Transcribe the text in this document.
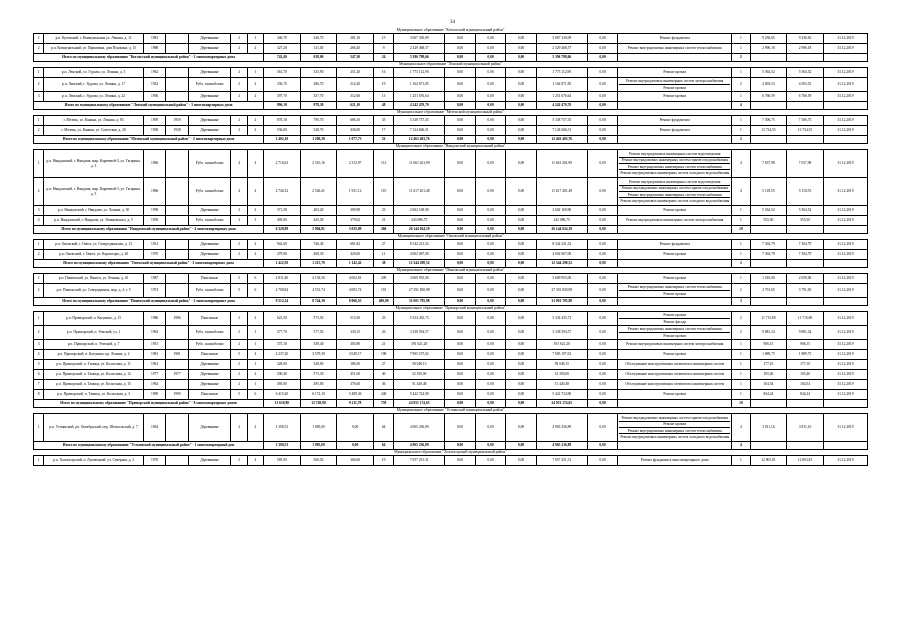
34
Муниципальное образование "Котласский муниципальный район"																					
1	р.п. Кузенский, г. Коммунальная ул. Ленина, д. 11	1981		Деревянные	2	1	346,70	326,70	281,10	15	3 067 330,09	0,00	0,00	0,00	3 067 330,09	0,00	Ремонт фундамента	1	9 236,65	9 236,65	31.12.2019
2	р.п. Коммунальный, ул. Пришвина, дом Пушкина, д. 15	1988		Деревянные	2	2	327,20	311,30	266,20	9	2 329 468,57	0,00	0,00	0,00	2 329 468,57	0,00	Ремонт внутридомовых инженерных систем теплоснабжения	1	2 996,18	2 996,18	31.12.2019
Итого по муниципальному образованию "Котласский муниципальный район" - 2 многоквартирных дома							743,40	638,00	547,30	24	5 396 798,66	0,00	0,00	0,00	5 396 798,66	0,00		2			
Муниципальное образование "Ленский муниципальный район"																					
1	р.п. Ленский, ул. Гуралы, ул. Ленина, д. 5	1962		Деревянные	2	1	361,70	333,90	251,20	16	1 773 112,90	0,00	0,00	0,00	1 773 112,90	0,00	Ремонт кровли	1	5 564,52	5 564,52	31.12.2019
2	р.п. Ленский, г. Урдома, ул. Ленина, д. 17	1952		Рубл. шлакоблоки	2	2	336,70	286,70	214,20	19	1 164 871,85	0,00	0,00	0,00	1 164 871,85	0,00	Ремонт внутридомовых инженерных систем электроснабжения
Ремонт кровли	2	4 003,53	4 003,53	31.12.2019
3	р.п. Ленский, г. Урдома, ул. Ленина, д. 22	1956		Деревянные	2	2	397,70	357,70	312,60	13	1 251 676,64	0,00	0,00	0,00	1 251 676,64	0,00	Ремонт кровли	1	6 766,59	6 766,59	31.12.2019
Итого по муниципальному образованию "Ленский муниципальный район" - 3 многоквартирных дома							996,10	978,30	621,10	48	4 242 470,70	0,00	0,00	0,00	4 242 470,70	0,00		4			
Муниципальное образование "Мезенский муниципальный район"																					
1	г. Мезень, ул. Канина, ул. Ленина, д. 83	1959	1959	Деревянные	2	2	878,10	790,70	686,10	35	5 338 757,35	0,00	0,00	0,00	5 338 757,35	0,00	Ремонт фундамента	1	7 306,75	7 306,75	31.12.2019
2	г. Мезень, ул. Канина, ул. Советская, д. 20	1938	1938	Деревянные	2	2	536,00	528,70	436,00	17	7 124 606,51	0,00	0,00	0,00	7 124 606,51	0,00	Ремонт фундамента	1	13 734,55	13 734,55	31.12.2019
Итого по муниципальному образованию "Мезенский муниципальный район" - 2 многоквартирных дома							1 402,10	1 280,28	1 077,73	52	12 463 403,76	0,00	0,00	0,00	12 463 403,76	0,00		2			
Муниципальное образование "Няндомский муниципальный район"																					
1	р.п. Няндомский, г. Няндома, мкр. Карачевой-3, ул. Гагарина, д. 3	1966		Рубл. шлакоблоки	4	4	2 716,62	2 510,16	2 313,97	112	11 661 261,99	0,00	0,00	0,00	11 661 261,99	0,00	Ремонт внутридомовых инженерных систем водоотведения
Ремонт внутридомовых инженерных систем горячего водоснабжения
Ремонт внутридомовых инженерных систем теплоснабжения
Ремонт внутридомовых инженерных систем холодного водоснабжения	4	7 637,98	7 637,98	31.12.2019
2	р.п. Няндомский, г. Няндома, мкр. Карачевой-3, ул. Гагарина, д. 5	1966		Рубл. шлакоблоки	4	4	2 746,32	2 546,41	1 951,12	110	11 617 401,48	0,00	0,00	0,00	11 617 401,48	0,00	Ремонт внутридомовых инженерных систем водоотведения
Ремонт внутридомовых инженерных систем горячего водоснабжения
Ремонт внутридомовых инженерных систем теплоснабжения
Ремонт внутридомовых инженерных систем холодного водоснабжения	4	5 118,55	5 118,55	31.12.2019
3	р.п. Няндомский, г. Няндома, ул. Ленина, д. 30	1958		Деревянные	2	2	371,58	403,20	390,98	23	2 602 169,90	0,00	0,00	0,00	2 602 169,90	0,00	Ремонт кровли	1	5 564,52	5 564,52	31.12.2019
4	р.п. Няндомский, г. Няндома, ул. Леваневского, д. 5	1959		Рубл. шлакоблоки	3	3	495,00	445,58	379,02	21	243 086,75	0,00	0,00	0,00	243 086,75	0,00	Ремонт внутридомовых инженерных систем электроснабжения	1	555,50	555,50	31.12.2019
Итого по муниципальному образованию "Няндомский муниципальный район" - 4 многоквартирных дома							6 329,99	5 904,81	5 035,09	266	26 144 024,19	0,00	0,00	0,00	26 144 024,19	0,00		10			
Муниципальное образование "Онежский муниципальный район"																					
1	р.п. Онежский, г. Онега, ул. Северодвинская, д. 13	1931		Деревянные	2	2	942,60	746,40	681,82	27	8 342 231,52	0,00	0,00	0,00	8 342 231,52	0,00	Ремонт фундамента	1	7 304,79	7 304,79	31.12.2019
2	р.п. Онежский, г. Онега, ул. Карпогоры, д. 28	1970		Деревянные	2	2	479,90	469,30	420,60	11	4 002 067,00	0,00	0,00	0,00	4 002 067,00	0,00	Ремонт кровли	1	7 304,79	7 304,79	31.12.2019
Итого по муниципальному образованию "Онежский муниципальный район" - 2 многоквартирных дома							1 422,50	1 215,70	1 142,42	38	12 344 298,52	0,00	0,00	0,00	12 344 298,52	0,00		2			
Муниципальное образование "Пинежский муниципальный район"																					
1	р.п. Пинежский, ул. Пинега, ул. Ленина, д. 43	1987		Панельные	5	6	4 811,40	4 192,56	4 062,81	209	3 609 955,00	0,00	0,00	0,00	3 609 955,00	0,00	Ремонт кровли	1	1 010,00	2 050,00	31.12.2019
2	р.п. Пинежский, ул. Северодвинск, мкр. д. 4, г. 5	1974		Рубл. шлакоблоки	5	6	4 700,84	4 551,74	4 003,74	191	27 391 830,98	0,00	0,00	0,00	27 391 830,98	0,00	Ремонт внутридомовых инженерных систем теплоснабжения
Ремонт кровли	2	3 791,65	3 791,65	31.12.2019
Итого по муниципальному образованию "Пинежский муниципальный район" - 2 многоквартирных дома							9 512,24	8 744,30	8 066,55	400,00	31 001 785,98	0,00	0,00	0,00	31 001 785,98	0,00		3			
Муниципальное образование "Приморский муниципальный район"																					
1	р.п. Приморский, п. Катунино, д. 15	1986	1986	Панельные	2	2	623,50	573,50	513,30	23	5 334 435,73	0,00	0,00	0,00	5 334 435,73	0,00	Ремонт кровли
Ремонт фасада	2	11 715,69	11 715,69	31.12.2019
2	р.п. Приморский, п. Уемский, ул. 1	1963		Рубл. шлакоблоки	2	1	577,70	577,50	330,15	26	3 338 594,57	0,00	0,00	0,00	3 338 594,57	0,00	Ремонт внутридомовых инженерных систем теплоснабжения
Ремонт кровли	2	9 881,34	9 881,34	31.12.2019
3	р.п. Приморский, п. Уемский, д. 7	1951		Рубл. шлакоблоки	2	1	375,10	358,40	305,80	21	391 621,20	0,00	0,00	0,00	391 621,20	0,00	Ремонт внутридомовых инженерных систем электроснабжения	1	906,15	906,15	31.12.2019
4	р.п. Приморский, п. Катунино, пр. Ленина, д. 2	1981	1981	Панельные	5	4	4 237,20	3 579,30	3 049,17	198	7 905 197,02	0,00	0,00	0,00	7 905 197,02	0,00	Ремонт кровли	1	1 889,75	1 889,75	31.12.2019
5	р.п. Приморский, п. Тамица, ул. Колхозная, д. 11	1961		Деревянные	2	1	328,00	328,00	186,50	27	58 048,15	0,00	0,00	0,00	58 048,15	0,00	Обследование конструктивных элементов и инженерных систем	1	177,10	177,10	31.12.2019
6	р.п. Приморский, п. Тамица, ул. Колхозная, д. 12	1977	1977	Деревянные	2	2	500,40	573,30	451,60	40	52 350,00	0,00	0,00	0,00	52 350,00	0,00	Обследование конструктивных элементов и инженерных систем	1	105,40	105,40	31.12.2019
7	р.п. Приморский, п. Тамица, ул. Колхозная, д. 15	1964		Деревянные	2	1	495,00	495,00	376,60	36	51 440,48	0,00	0,00	0,00	51 440,48	0,00	Обследование конструктивных элементов и инженерных систем	1	104,54	104,54	31.12.2019
8	р.п. Приморский, п. Тамица, ул. Колхозная, д. 3	1990	1990	Панельные	5	6	6 415,20	6 172,10	5 489,36	248	5 422 724,90	0,00	0,00	0,00	5 422 724,90	0,00	Ремонт кровли	1	844,24	844,24	31.12.2019
Итого по муниципальному образованию "Приморский муниципальный район" - 8 многоквартирных домов							13 610,80	12 749,90	9 211,78	739	24 051 174,65	0,00	0,00	0,00	24 051 174,65	0,00		10			
Муниципальное образование "Устьянский муниципальный район"																					
1	р.п. Устьянский, рп. Октябрьский, пер. Шентальский, д. 7	1964		Деревянные	2	2	1 300,53	1 085,00	0,00	64	4 965 236,89	0,00	0,00	0,00	4 965 236,89	0,00	Ремонт внутридомовых инженерных систем горячего водоснабжения
Ремонт кровли
Ремонт внутридомовых инженерных систем теплоснабжения
Ремонт внутридомовых инженерных систем холодного водоснабжения	4	3 811,16	3 811,16	31.12.2019
Итого по муниципальному образованию "Устьянский муниципальный район" - 1 многоквартирный дом							1 300,53	1 085,00	0,00	64	4 965 236,89	0,00	0,00	0,00	4 965 236,89	0,00		4			
Муниципальное образование "Холмогорский муниципальный район"																					
1	р.п. Холмогорский, п. Луковецкий, ул. Северная, д. 2	1970		Деревянные	2	4	585,90	560,50	366,60	19	7 057 251,31	0,00	0,00	0,00	7 057 251,31	0,00	Ремонт фундамента многоквартирного дома	1	12 803,81	12 803,81	31.12.2019
